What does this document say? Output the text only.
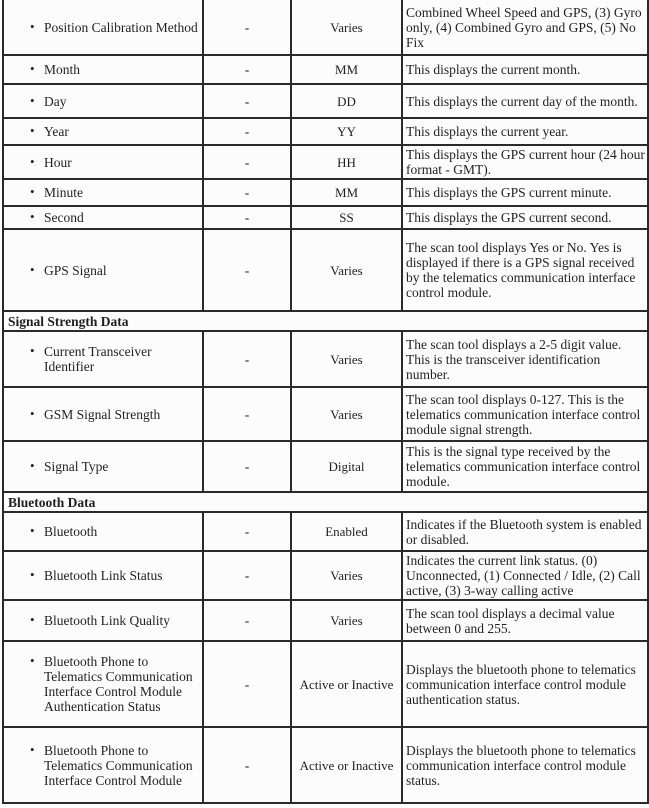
• Position Calibration Method	-	Varies	Combined Wheel Speed and GPS, (3) Gyro only, (4) Combined Gyro and GPS, (5) No Fix

• Month	-	MM	This displays the current month.

• Day	-	DD	This displays the current day of the month.

• Year	-	YY	This displays the current year.

• Hour	-	HH	This displays the GPS current hour (24 hour format - GMT).

• Minute	-	MM	This displays the GPS current minute.

• Second	-	SS	This displays the GPS current second.

• GPS Signal	-	Varies	The scan tool displays Yes or No. Yes is displayed if there is a GPS signal received by the telematics communication interface control module.
Signal Strength Data			

• Current Transceiver Identifier	-	Varies	The scan tool displays a 2-5 digit value. This is the transceiver identification number.

• GSM Signal Strength	-	Varies	The scan tool displays 0-127. This is the telematics communication interface control module signal strength.

• Signal Type	-	Digital	This is the signal type received by the telematics communication interface control module.
Bluetooth Data			

• Bluetooth	-	Enabled	Indicates if the Bluetooth system is enabled or disabled.

• Bluetooth Link Status	-	Varies	Indicates the current link status. (0) Unconnected, (1) Connected / Idle, (2) Call active, (3) 3-way calling active

• Bluetooth Link Quality	-	Varies	The scan tool displays a decimal value between 0 and 255.

• Bluetooth Phone to Telematics Communication Interface Control Module Authentication Status	-	Active or Inactive	Displays the bluetooth phone to telematics communication interface control module authentication status.

• Bluetooth Phone to Telematics Communication Interface Control Module	-	Active or Inactive	Displays the bluetooth phone to telematics communication interface control module status.
